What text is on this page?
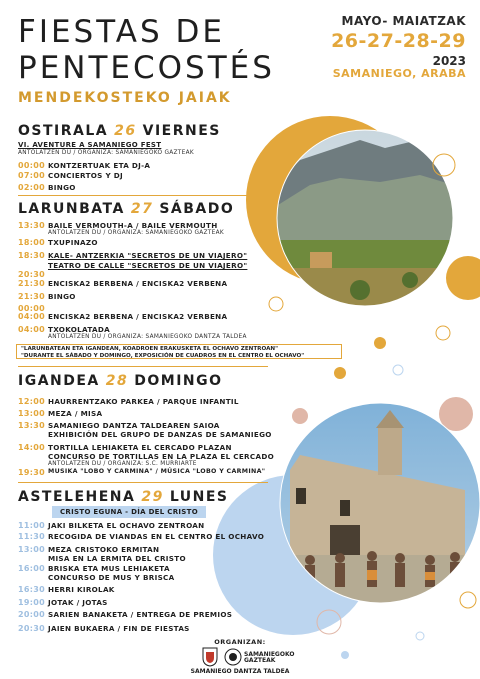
FIESTAS DE
PENTECOSTÉS
MENDEKOSTEKO JAIAK
MAYO- MAIATZAK
26-27-28-29
2023
SAMANIEGO, ARABA
OSTIRALA 26 VIERNES
VI. AVENTURE A SAMANIEGO FEST
ANTOLATZEN DU / ORGANIZA: SAMANIEGOKO GAZTEAK
00:00 KONTZERTUAK ETA DJ-A
07:00 CONCIERTOS Y DJ
02:00 BINGO
LARUNBATA 27 SÁBADO
13:30 BAILE VERMOUTH-A / BAILE VERMOUTH
ANTOLATZEN DU / ORGANIZA: SAMANIEGOKO GAZTEAK
18:00 TXUPINAZO
18:30 KALE- ANTZERKIA "SECRETOS DE UN VIAJERO"
TEATRO DE CALLE "SECRETOS DE UN VIAJERO"
20:30
21:30 ENCISKA2 BERBENA / ENCISKA2 VERBENA
21:30 BINGO
00:00
04:00 ENCISKA2 BERBENA / ENCISKA2 VERBENA
04:00 TXOKOLATADA
ANTOLATZEN DU / ORGANIZA: SAMANIEGOKO DANTZA TALDEA
"LARUNBATEAN ETA IGANDEAN, KOADROEN ERAKUSKETA EL OCHAVO ZENTROAN"
"DURANTE EL SÁBADO Y DOMINGO, EXPOSICIÓN DE CUADROS EN EL CENTRO EL OCHAVO"
IGANDEA 28 DOMINGO
12:00 HAURRENTZAKO PARKEA / PARQUE INFANTIL
13:00 MEZA / MISA
13:30 SAMANIEGO DANTZA TALDEAREN SAIOA
EXHIBICIÓN DEL GRUPO DE DANZAS DE SAMANIEGO
14:00 TORTILLA LEHIAKETA EL CERCADO PLAZAN
CONCURSO DE TORTILLAS EN LA PLAZA EL CERCADO
ANTOLATZEN DU / ORGANIZA: S.C. MURRIARTE
19:30 MUSIKA "LOBO Y CARMINA" / MÚSICA "LOBO Y CARMINA"
ASTELEHENA 29 LUNES
CRISTO EGUNA - DÍA DEL CRISTO
11:00 JAKI BILKETA EL OCHAVO ZENTROAN
11:30 RECOGIDA DE VIANDAS EN EL CENTRO EL OCHAVO
13:00 MEZA CRISTOKO ERMITAN
MISA EN LA ERMITA DEL CRISTO
16:00 BRISKA ETA MUS LEHIAKETA
CONCURSO DE MUS Y BRISCA
16:30 HERRI KIROLAK
19:00 JOTAK / JOTAS
20:00 SARIEN BANAKETA / ENTREGA DE PREMIOS
20:30 JAIEN BUKAERA / FIN DE FIESTAS
ORGANIZAN:
SAMANIEGOKO GAZTEAK
SAMANIEGO DANTZA TALDEA
